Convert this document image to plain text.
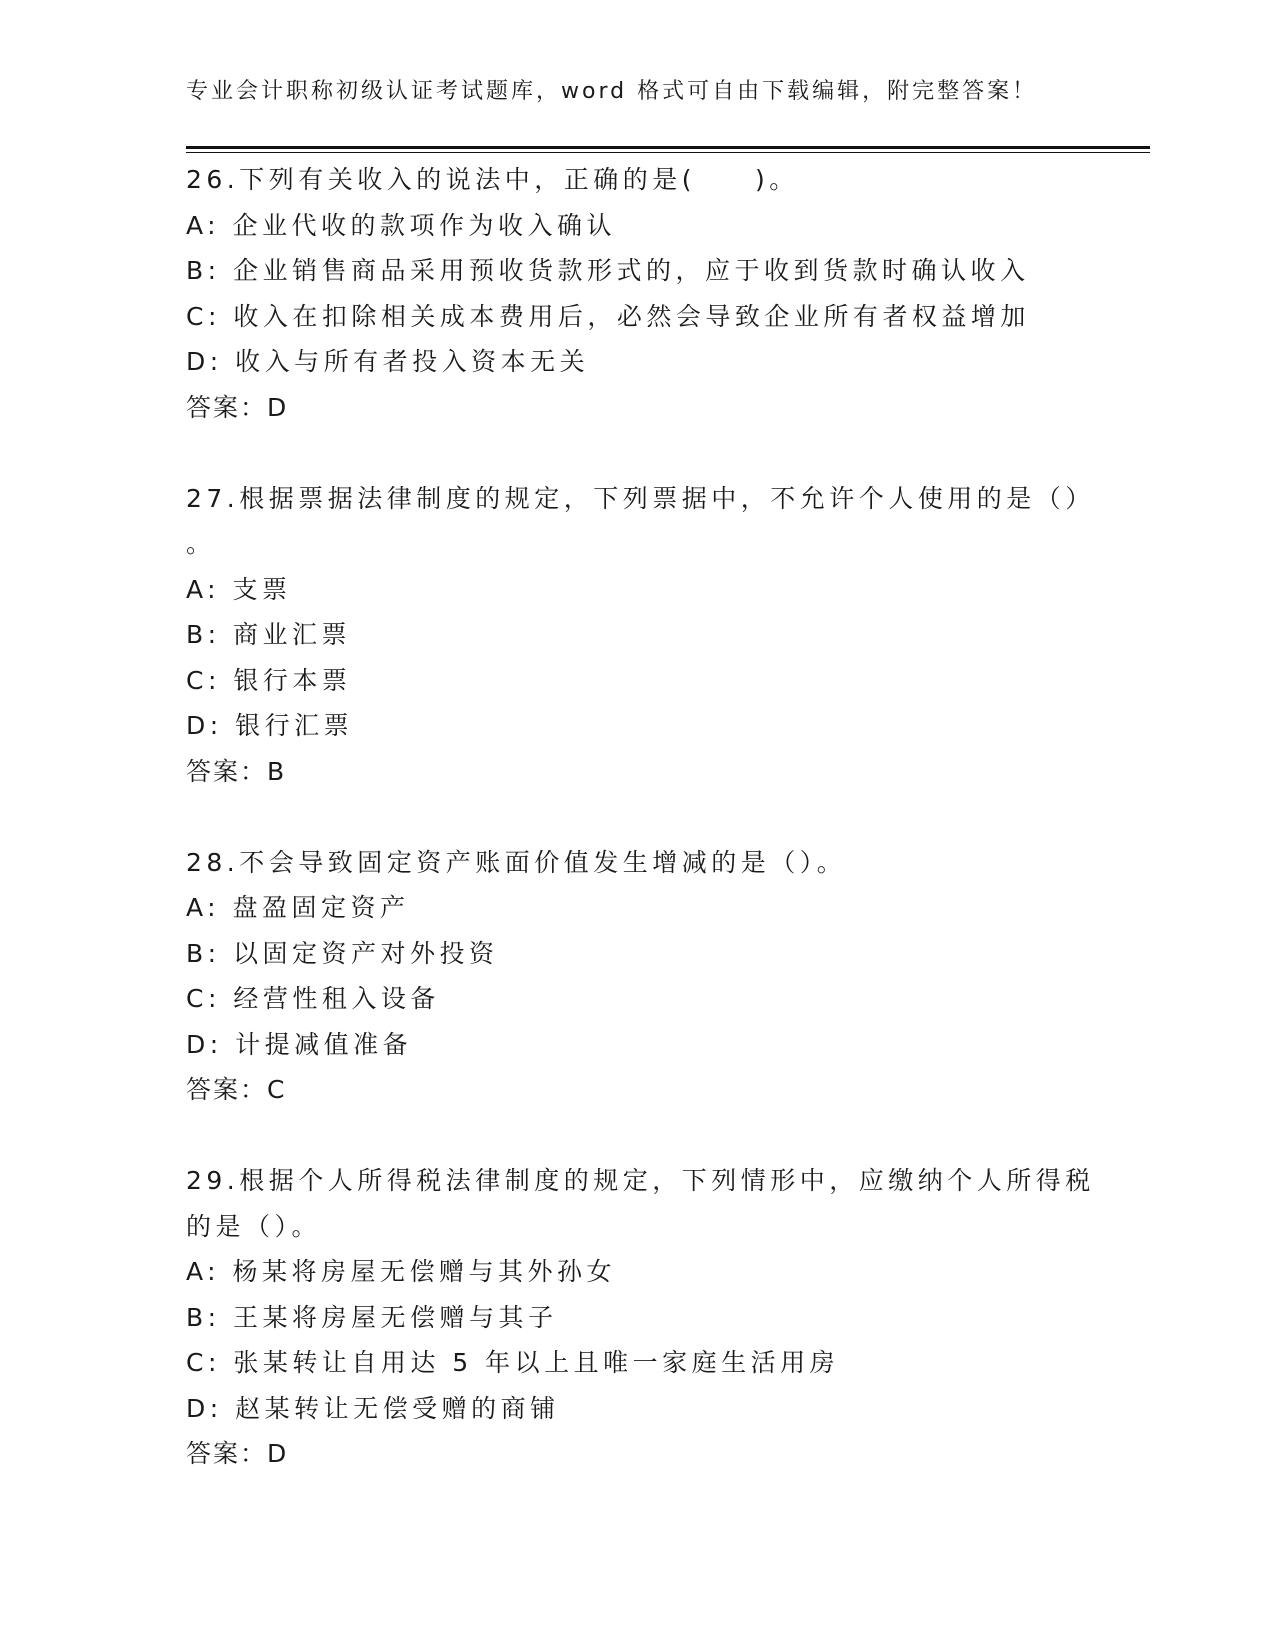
专业会计职称初级认证考试题库，word 格式可自由下载编辑，附完整答案！
26.下列有关收入的说法中，正确的是(　　)。
A: 企业代收的款项作为收入确认
B: 企业销售商品采用预收货款形式的，应于收到货款时确认收入
C: 收入在扣除相关成本费用后，必然会导致企业所有者权益增加
D: 收入与所有者投入资本无关
答案：D
27.根据票据法律制度的规定，下列票据中，不允许个人使用的是（）
。
A: 支票
B: 商业汇票
C: 银行本票
D: 银行汇票
答案：B
28.不会导致固定资产账面价值发生增减的是（）。
A: 盘盈固定资产
B: 以固定资产对外投资
C: 经营性租入设备
D: 计提减值准备
答案：C
29.根据个人所得税法律制度的规定，下列情形中，应缴纳个人所得税
的是（）。
A: 杨某将房屋无偿赠与其外孙女
B: 王某将房屋无偿赠与其子
C: 张某转让自用达 5 年以上且唯一家庭生活用房
D: 赵某转让无偿受赠的商铺
答案：D
